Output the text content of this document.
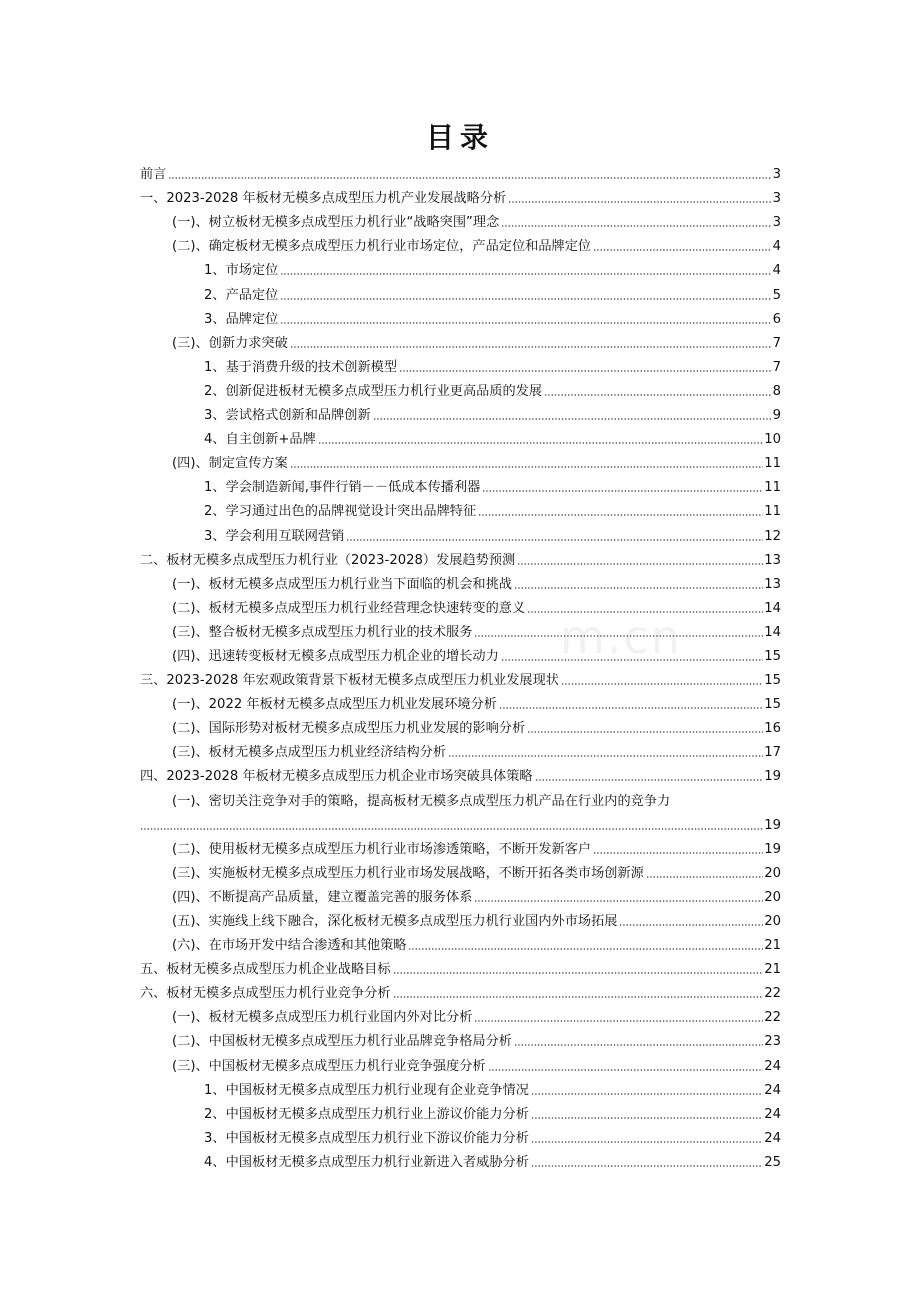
目录
m.cn
前言	3
一、2023-2028 年板材无模多点成型压力机产业发展战略分析	3
(一)、树立板材无模多点成型压力机行业“战略突围”理念	3
(二)、确定板材无模多点成型压力机行业市场定位，产品定位和品牌定位	4
1、市场定位	4
2、产品定位	5
3、品牌定位	6
(三)、创新力求突破	7
1、基于消费升级的技术创新模型	7
2、创新促进板材无模多点成型压力机行业更高品质的发展	8
3、尝试格式创新和品牌创新	9
4、自主创新+品牌	10
(四)、制定宣传方案	11
1、学会制造新闻,事件行销－－低成本传播利器	11
2、学习通过出色的品牌视觉设计突出品牌特征	11
3、学会利用互联网营销	12
二、板材无模多点成型压力机行业（2023-2028）发展趋势预测	13
(一)、板材无模多点成型压力机行业当下面临的机会和挑战	13
(二)、板材无模多点成型压力机行业经营理念快速转变的意义	14
(三)、整合板材无模多点成型压力机行业的技术服务	14
(四)、迅速转变板材无模多点成型压力机企业的增长动力	15
三、2023-2028 年宏观政策背景下板材无模多点成型压力机业发展现状	15
(一)、2022 年板材无模多点成型压力机业发展环境分析	15
(二)、国际形势对板材无模多点成型压力机业发展的影响分析	16
(三)、板材无模多点成型压力机业经济结构分析	17
四、2023-2028 年板材无模多点成型压力机企业市场突破具体策略	19
(一)、密切关注竞争对手的策略，提高板材无模多点成型压力机产品在行业内的竞争力
19
(二)、使用板材无模多点成型压力机行业市场渗透策略，不断开发新客户	19
(三)、实施板材无模多点成型压力机行业市场发展战略，不断开拓各类市场创新源	20
(四)、不断提高产品质量，建立覆盖完善的服务体系	20
(五)、实施线上线下融合，深化板材无模多点成型压力机行业国内外市场拓展	20
(六)、在市场开发中结合渗透和其他策略	21
五、板材无模多点成型压力机企业战略目标	21
六、板材无模多点成型压力机行业竞争分析	22
(一)、板材无模多点成型压力机行业国内外对比分析	22
(二)、中国板材无模多点成型压力机行业品牌竞争格局分析	23
(三)、中国板材无模多点成型压力机行业竞争强度分析	24
1、中国板材无模多点成型压力机行业现有企业竞争情况	24
2、中国板材无模多点成型压力机行业上游议价能力分析	24
3、中国板材无模多点成型压力机行业下游议价能力分析	24
4、中国板材无模多点成型压力机行业新进入者威胁分析	25
